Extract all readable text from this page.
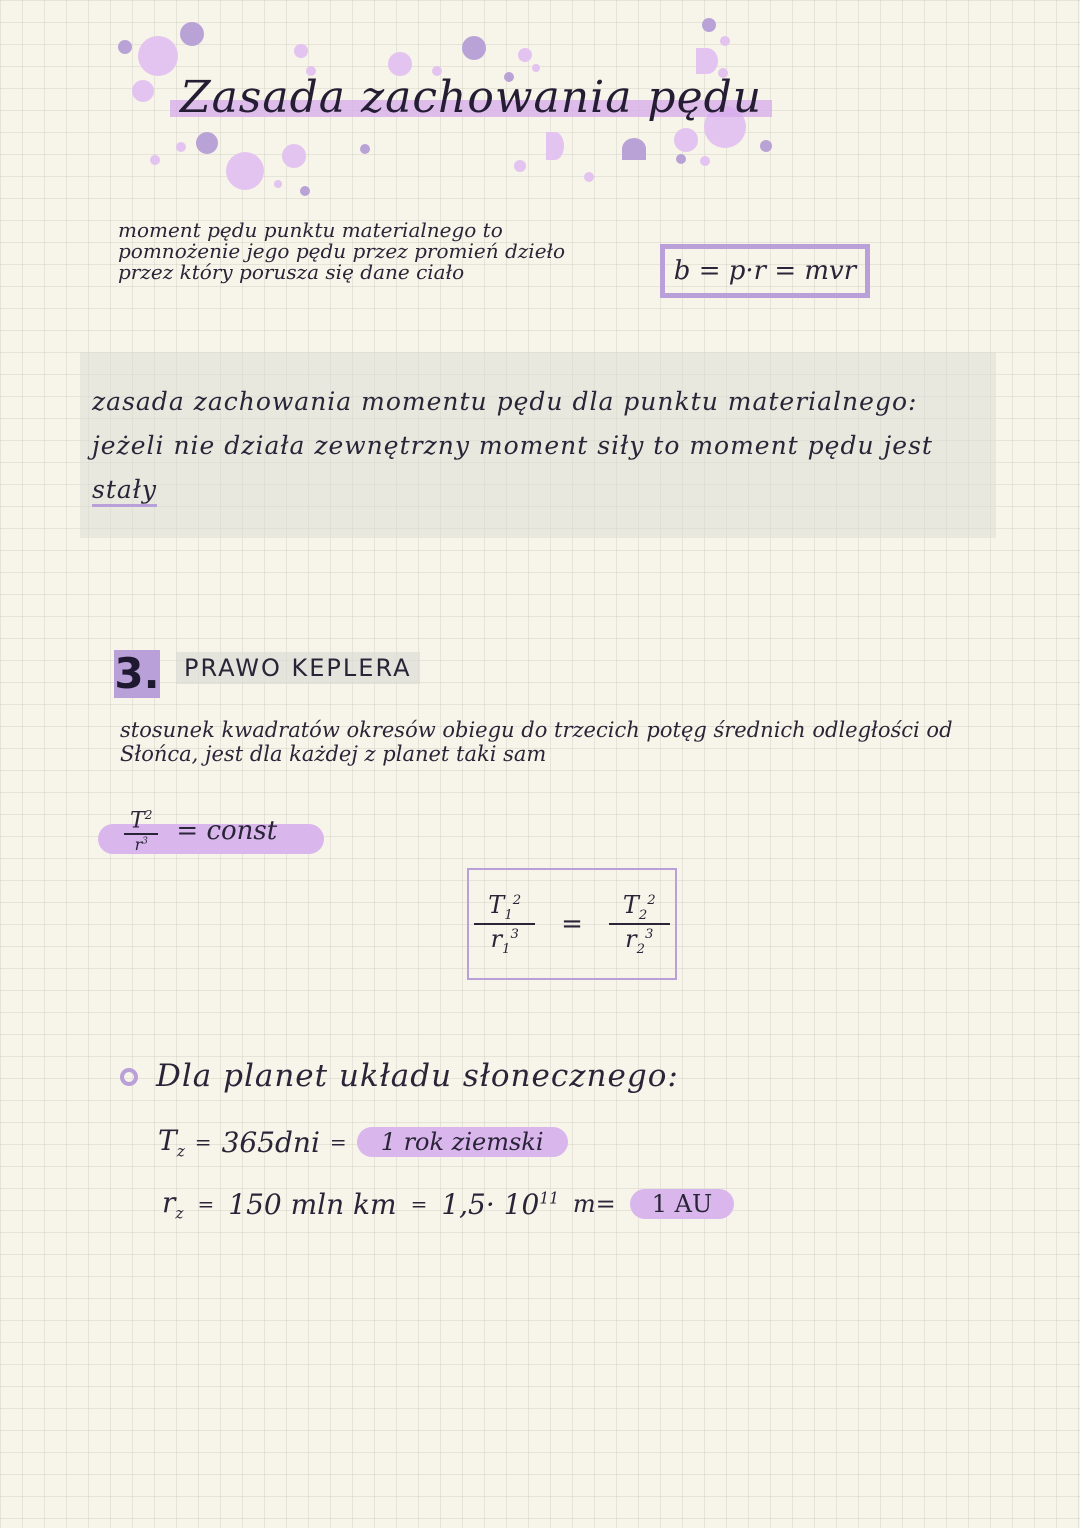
Zasada zachowania pędu
moment pędu punktu materialnego to pomnożenie jego pędu przez promień dzieło przez który porusza się dane ciało	b = p·r = mvr
zasada zachowania momentu pędu dla punktu materialnego: jeżeli nie działa zewnętrzny moment siły to moment pędu jest stały
3.	PRAWO KEPLERA
stosunek kwadratów okresów obiegu do trzecich potęg średnich odległości od Słońca, jest dla każdej z planet taki sam
$\frac{T^2}{r^3}$ = const
$\frac{T_1^2}{r_1^3} = \frac{T_2^2}{r_2^3}$
Dla planet układu słonecznego:
$T_z = 365dni$ =	1 rok ziemski
$r_z = 150$ mln km = $1,5\cdot 10^{11}$ m=	1 AU
